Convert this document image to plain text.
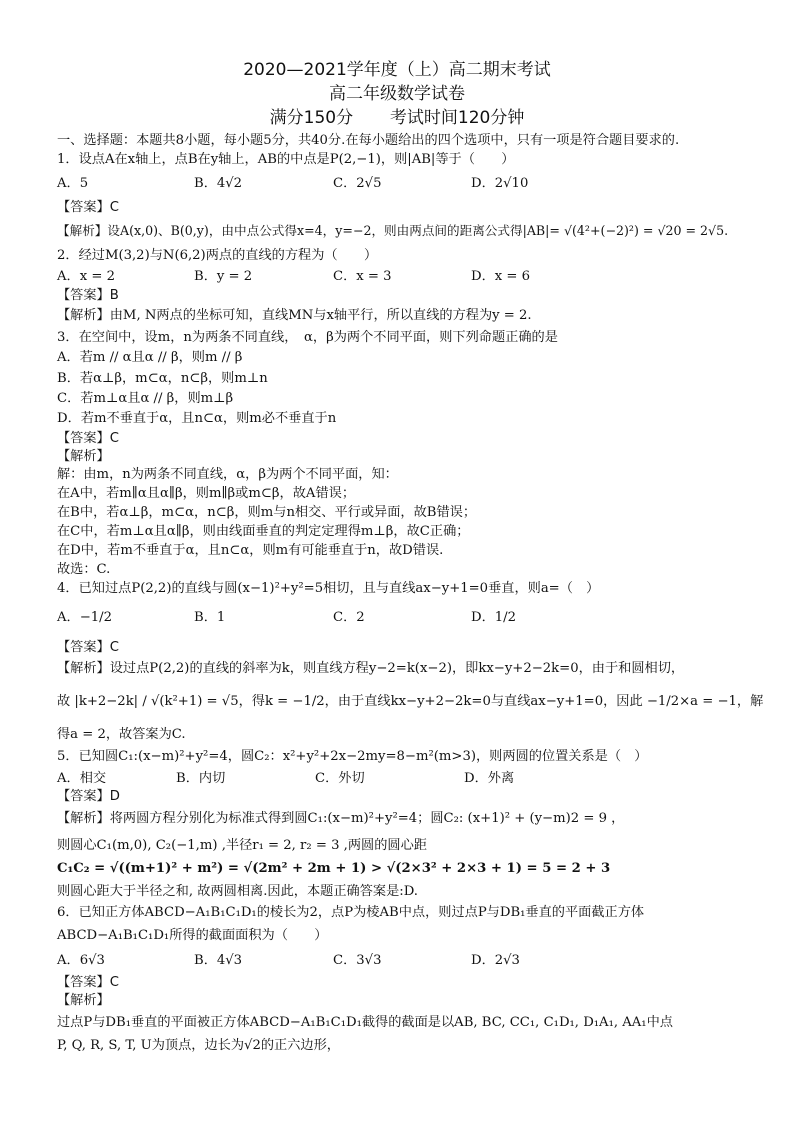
2020—2021学年度（上）高二期末考试
高二年级数学试卷
满分150分 考试时间120分钟
一、选择题：本题共8小题，每小题5分，共40分.在每小题给出的四个选项中，只有一项是符合题目要求的.
1．设点A在x轴上，点B在y轴上，AB的中点是P(2,−1)，则|AB|等于（　　）
A．5	B．4√2	C．2√5	D．2√10
【答案】C
【解析】设A(x,0)、B(0,y)，由中点公式得x=4，y=−2，则由两点间的距离公式得|AB|= √(4²+(−2)²) = √20 = 2√5.
2．经过M(3,2)与N(6,2)两点的直线的方程为（　　）
A．x = 2	B．y = 2	C．x = 3	D．x = 6
【答案】B
【解析】由M, N两点的坐标可知，直线MN与x轴平行，所以直线的方程为y = 2.
3．在空间中，设m，n为两条不同直线，　α，β为两个不同平面，则下列命题正确的是
A．若m // α且α // β，则m // β
B．若α⊥β，m⊂α，n⊂β，则m⊥n
C．若m⊥α且α // β，则m⊥β
D．若m不垂直于α，且n⊂α，则m必不垂直于n
【答案】C
【解析】
解：由m，n为两条不同直线，α，β为两个不同平面，知：
在A中，若m∥α且α∥β，则m∥β或m⊂β，故A错误；
在B中，若α⊥β，m⊂α，n⊂β，则m与n相交、平行或异面，故B错误；
在C中，若m⊥α且α∥β，则由线面垂直的判定定理得m⊥β，故C正确；
在D中，若m不垂直于α，且n⊂α，则m有可能垂直于n，故D错误.
故选：C.
4．已知过点P(2,2)的直线与圆(x−1)²+y²=5相切，且与直线ax−y+1=0垂直，则a=（　）
A．−1/2	B．1	C．2	D．1/2
【答案】C
【解析】设过点P(2,2)的直线的斜率为k，则直线方程y−2=k(x−2)，即kx−y+2−2k=0，由于和圆相切，
故 |k+2−2k| / √(k²+1) = √5，得k = −1/2，由于直线kx−y+2−2k=0与直线ax−y+1=0，因此 −1/2×a = −1，解
得a = 2，故答案为C.
5．已知圆C₁:(x−m)²+y²=4，圆C₂：x²+y²+2x−2my=8−m²(m>3)，则两圆的位置关系是（　）
A．相交	B．内切	C．外切	D．外离
【答案】D
【解析】将两圆方程分别化为标准式得到圆C₁:(x−m)²+y²=4；圆C₂: (x+1)² + (y−m)2 = 9 ，
则圆心C₁(m,0), C₂(−1,m) ,半径r₁ = 2, r₂ = 3 ,两圆的圆心距
C₁C₂ = √((m+1)² + m²) = √(2m² + 2m + 1) > √(2×3² + 2×3 + 1) = 5 = 2 + 3
则圆心距大于半径之和, 故两圆相离.因此，本题正确答案是:D.
6．已知正方体ABCD−A₁B₁C₁D₁的棱长为2，点P为棱AB中点，则过点P与DB₁垂直的平面截正方体
ABCD−A₁B₁C₁D₁所得的截面面积为（　　）
A．6√3	B．4√3	C．3√3	D．2√3
【答案】C
【解析】
过点P与DB₁垂直的平面被正方体ABCD−A₁B₁C₁D₁截得的截面是以AB, BC, CC₁, C₁D₁, D₁A₁, AA₁中点
P, Q, R, S, T, U为顶点，边长为√2的正六边形，
